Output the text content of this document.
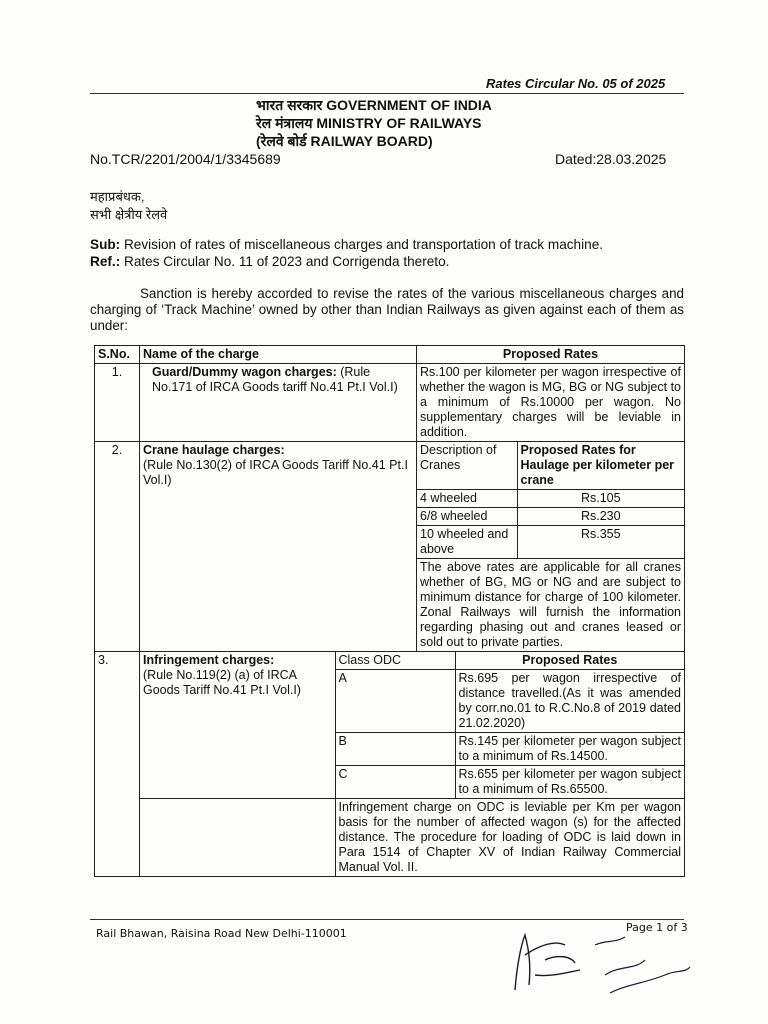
Rates Circular No. 05 of 2025
भारत सरकार GOVERNMENT OF INDIA
रेल मंत्रालय MINISTRY OF RAILWAYS
(रेलवे बोर्ड RAILWAY BOARD)
No.TCR/2201/2004/1/3345689	Dated:28.03.2025
महाप्रबंधक,
सभी क्षेत्रीय रेलवे
Sub: Revision of rates of miscellaneous charges and transportation of track machine.
Ref.: Rates Circular No. 11 of 2023 and Corrigenda thereto.
Sanction is hereby accorded to revise the rates of the various miscellaneous charges and charging of ‘Track Machine’ owned by other than Indian Railways as given against each of them as under:
S.No.	Name of the charge	Proposed Rates
1.	Guard/Dummy wagon charges: (Rule No.171 of IRCA Goods tariff No.41 Pt.I Vol.I)	Rs.100 per kilometer per wagon irrespective of whether the wagon is MG, BG or NG subject to a minimum of Rs.10000 per wagon. No supplementary charges will be leviable in addition.
2.	Crane haulage charges:
(Rule No.130(2) of IRCA Goods Tariff No.41 Pt.I Vol.I)	
Description of Cranes	Proposed Rates for Haulage per kilometer per crane
4 wheeled	Rs.105
6/8 wheeled	Rs.230
10 wheeled and above	Rs.355
The above rates are applicable for all cranes whether of BG, MG or NG and are subject to minimum distance for charge of 100 kilometer. Zonal Railways will furnish the information regarding phasing out and cranes leased or sold out to private parties.

3.		Infringement charges:
(Rule No.119(2) (a) of IRCA Goods Tariff No.41 Pt.I Vol.I)	Class ODC	Proposed Rates
A	Rs.695 per wagon irrespective of distance travelled.(As it was amended by corr.no.01 to R.C.No.8 of 2019 dated 21.02.2020)
B	Rs.145 per kilometer per wagon subject to a minimum of Rs.14500.
C	Rs.655 per kilometer per wagon subject to a minimum of Rs.65500.
	Infringement charge on ODC is leviable per Km per wagon basis for the number of affected wagon (s) for the affected distance. The procedure for loading of ODC is laid down in Para 1514 of Chapter XV of Indian Railway Commercial Manual Vol. II.
Rail Bhawan, Raisina Road New Delhi-110001	Page 1 of 3
